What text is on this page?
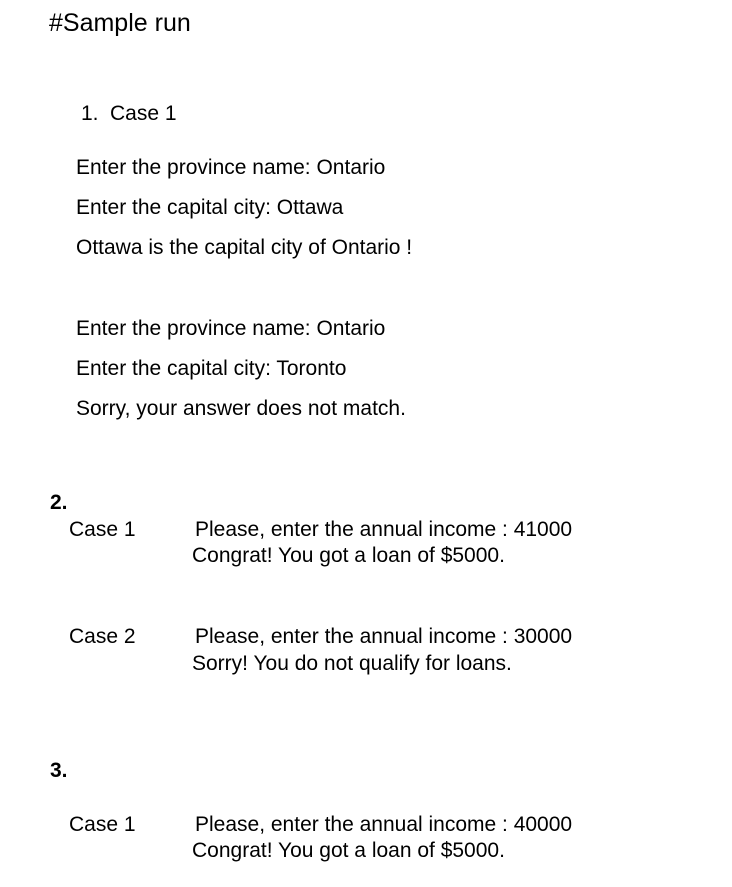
#Sample run
1. Case 1
Enter the province name: Ontario
Enter the capital city: Ottawa
Ottawa is the capital city of Ontario !
Enter the province name: Ontario
Enter the capital city: Toronto
Sorry, your answer does not match.
2.
Case 1	Please, enter the annual income : 41000
Congrat! You got a loan of $5000.
Case 2	Please, enter the annual income : 30000
Sorry! You do not qualify for loans.
3.
Case 1	Please, enter the annual income : 40000
Congrat! You got a loan of $5000.
